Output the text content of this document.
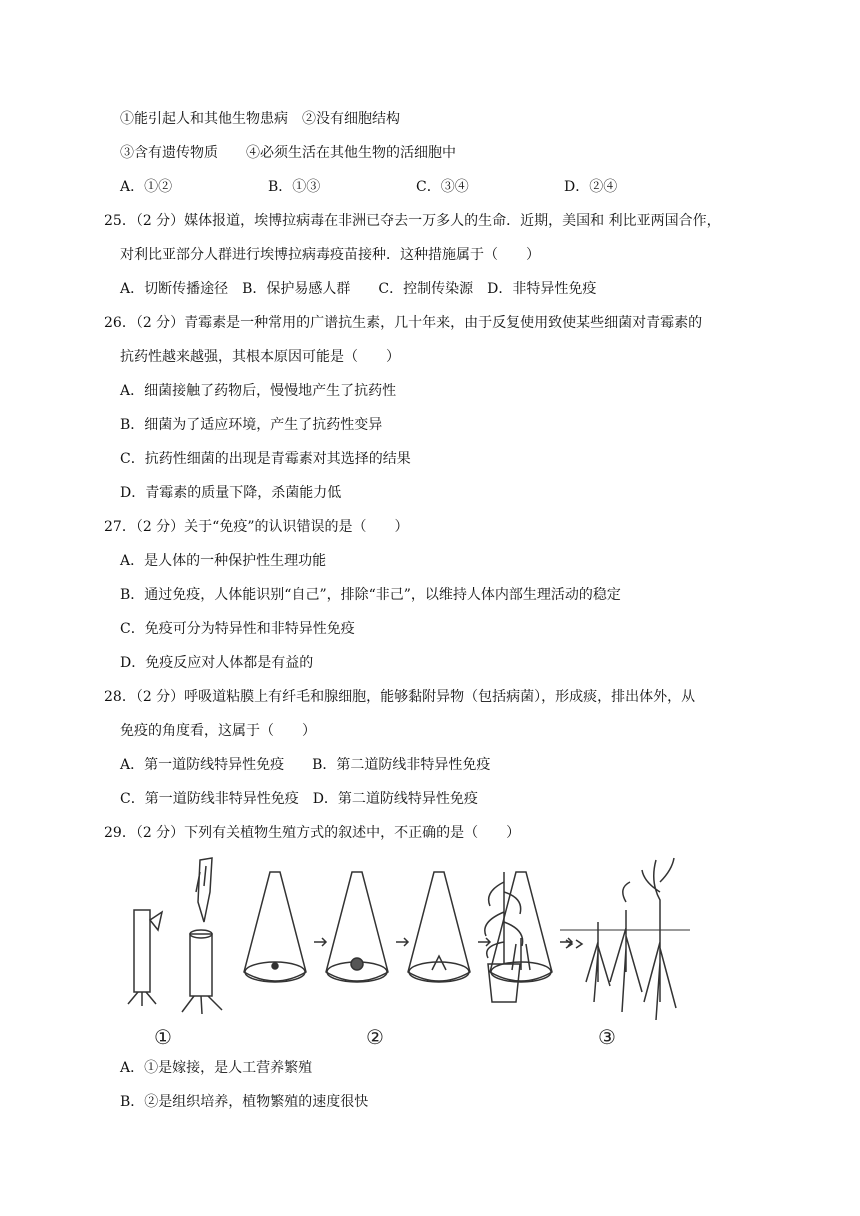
①能引起人和其他生物患病　②没有细胞结构
③含有遗传物质　　④必须生活在其他生物的活细胞中
A．①②	B．①③	C．③④	D．②④
25．（2 分）媒体报道，埃博拉病毒在非洲已夺去一万多人的生命．近期，美国和 利比亚两国合作，
对利比亚部分人群进行埃博拉病毒疫苗接种．这种措施属于（　　）
A．切断传播途径　B．保护易感人群　　C．控制传染源　D．非特异性免疫
26．（2 分）青霉素是一种常用的广谱抗生素，几十年来，由于反复使用致使某些细菌对青霉素的
抗药性越来越强，其根本原因可能是（　　）
A．细菌接触了药物后，慢慢地产生了抗药性
B．细菌为了适应环境，产生了抗药性变异
C．抗药性细菌的出现是青霉素对其选择的结果
D．青霉素的质量下降，杀菌能力低
27．（2 分）关于“免疫”的认识错误的是（　　）
A．是人体的一种保护性生理功能
B．通过免疫，人体能识别“自己”，排除“非己”，以维持人体内部生理活动的稳定
C．免疫可分为特异性和非特异性免疫
D．免疫反应对人体都是有益的
28．（2 分）呼吸道粘膜上有纤毛和腺细胞，能够黏附异物（包括病菌），形成痰，排出体外，从
免疫的角度看，这属于（　　）
A．第一道防线特异性免疫　　B．第二道防线非特异性免疫
C．第一道防线非特异性免疫　D．第二道防线特异性免疫
29．（2 分）下列有关植物生殖方式的叙述中，不正确的是（　　）
①	②	③
A．①是嫁接，是人工营养繁殖
B．②是组织培养，植物繁殖的速度很快
